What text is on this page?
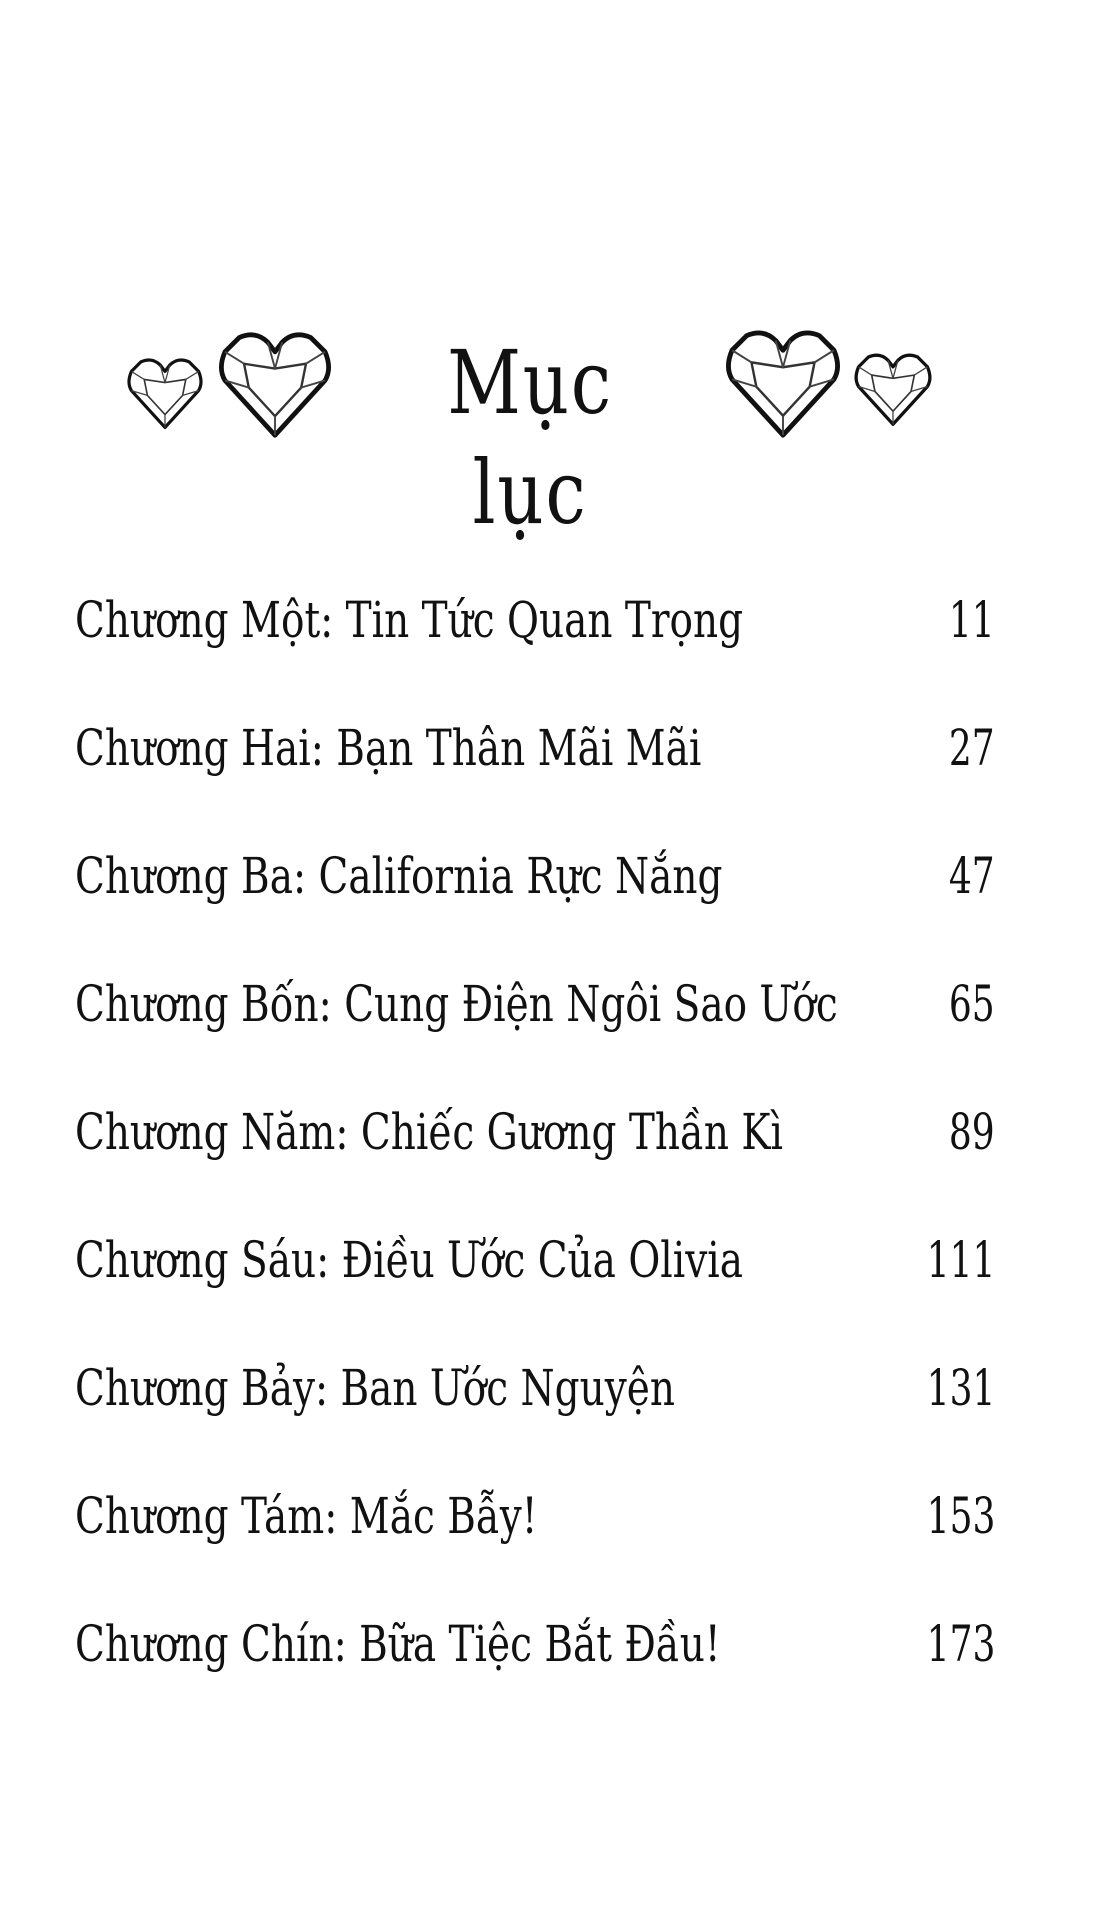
Mục lục
Chương Một: Tin Tức Quan Trọng	11
Chương Hai: Bạn Thân Mãi Mãi	27
Chương Ba: California Rực Nắng	47
Chương Bốn: Cung Điện Ngôi Sao Ước 65
Chương Năm: Chiếc Gương Thần Kì	89
Chương Sáu: Điều Ước Của Olivia	111
Chương Bảy: Ban Ước Nguyện	131
Chương Tám: Mắc Bẫy!	153
Chương Chín: Bữa Tiệc Bắt Đầu!	173
